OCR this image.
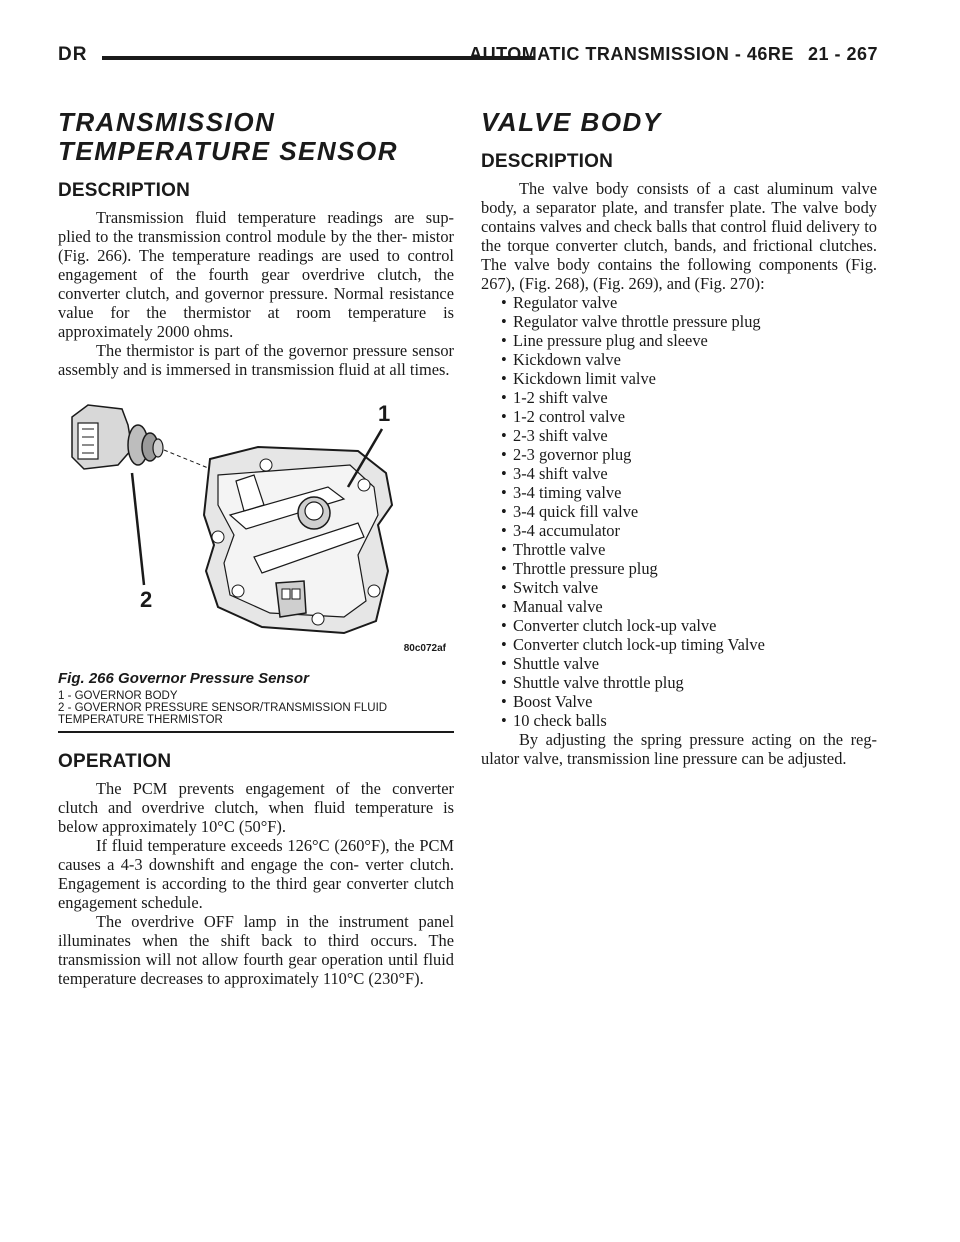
DR	AUTOMATIC TRANSMISSION - 46RE 21 - 267
TRANSMISSION
TEMPERATURE SENSOR
DESCRIPTION

Transmission fluid temperature readings are sup- plied to the transmission control module by the ther- mistor (Fig. 266). The temperature readings are used to control engagement of the fourth gear overdrive clutch, the converter clutch, and governor pressure. Normal resistance value for the thermistor at room temperature is approximately 2000 ohms.

The thermistor is part of the governor pressure sensor assembly and is immersed in transmission fluid at all times.

1
2
80c072af
Fig. 266 Governor Pressure Sensor
1 - GOVERNOR BODY
2 - GOVERNOR PRESSURE SENSOR/TRANSMISSION FLUID
TEMPERATURE THERMISTOR
OPERATION

The PCM prevents engagement of the converter clutch and overdrive clutch, when fluid temperature is below approximately 10°C (50°F).

If fluid temperature exceeds 126°C (260°F), the PCM causes a 4-3 downshift and engage the con- verter clutch. Engagement is according to the third gear converter clutch engagement schedule.

The overdrive OFF lamp in the instrument panel illuminates when the shift back to third occurs. The transmission will not allow fourth gear operation until fluid temperature decreases to approximately 110°C (230°F).

VALVE BODY
DESCRIPTION

The valve body consists of a cast aluminum valve body, a separator plate, and transfer plate. The valve body contains valves and check balls that control fluid delivery to the torque converter clutch, bands, and frictional clutches. The valve body contains the following components (Fig. 267), (Fig. 268), (Fig. 269), and (Fig. 270):

• Regulator valve
• Regulator valve throttle pressure plug
• Line pressure plug and sleeve
• Kickdown valve
• Kickdown limit valve
• 1-2 shift valve
• 1-2 control valve
• 2-3 shift valve
• 2-3 governor plug
• 3-4 shift valve
• 3-4 timing valve
• 3-4 quick fill valve
• 3-4 accumulator
• Throttle valve
• Throttle pressure plug
• Switch valve
• Manual valve
• Converter clutch lock-up valve
• Converter clutch lock-up timing Valve
• Shuttle valve
• Shuttle valve throttle plug
• Boost Valve
• 10 check balls

By adjusting the spring pressure acting on the reg- ulator valve, transmission line pressure can be adjusted.
